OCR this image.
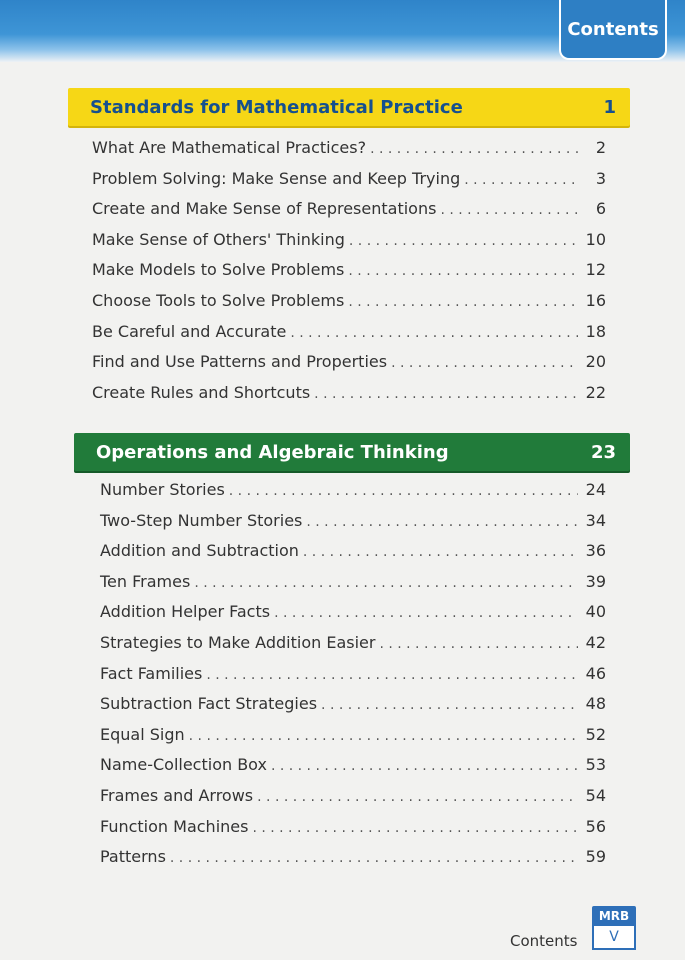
Contents
Standards for Mathematical Practice	1
What Are Mathematical Practices? . . .	2
Problem Solving: Make Sense and Keep Trying . . .	3
Create and Make Sense of Representations . . .	6
Make Sense of Others' Thinking . . .	10
Make Models to Solve Problems . . .	12
Choose Tools to Solve Problems . . .	16
Be Careful and Accurate . . .	18
Find and Use Patterns and Properties . . .	20
Create Rules and Shortcuts . . .	22
Operations and Algebraic Thinking	23
Number Stories . . .	24
Two-Step Number Stories . . .	34
Addition and Subtraction . . .	36
Ten Frames . . .	39
Addition Helper Facts . . .	40
Strategies to Make Addition Easier . . .	42
Fact Families . . .	46
Subtraction Fact Strategies . . .	48
Equal Sign . . .	52
Name-Collection Box . . .	53
Frames and Arrows . . .	54
Function Machines . . .	56
Patterns . . .	59
Contents
MRB
V
